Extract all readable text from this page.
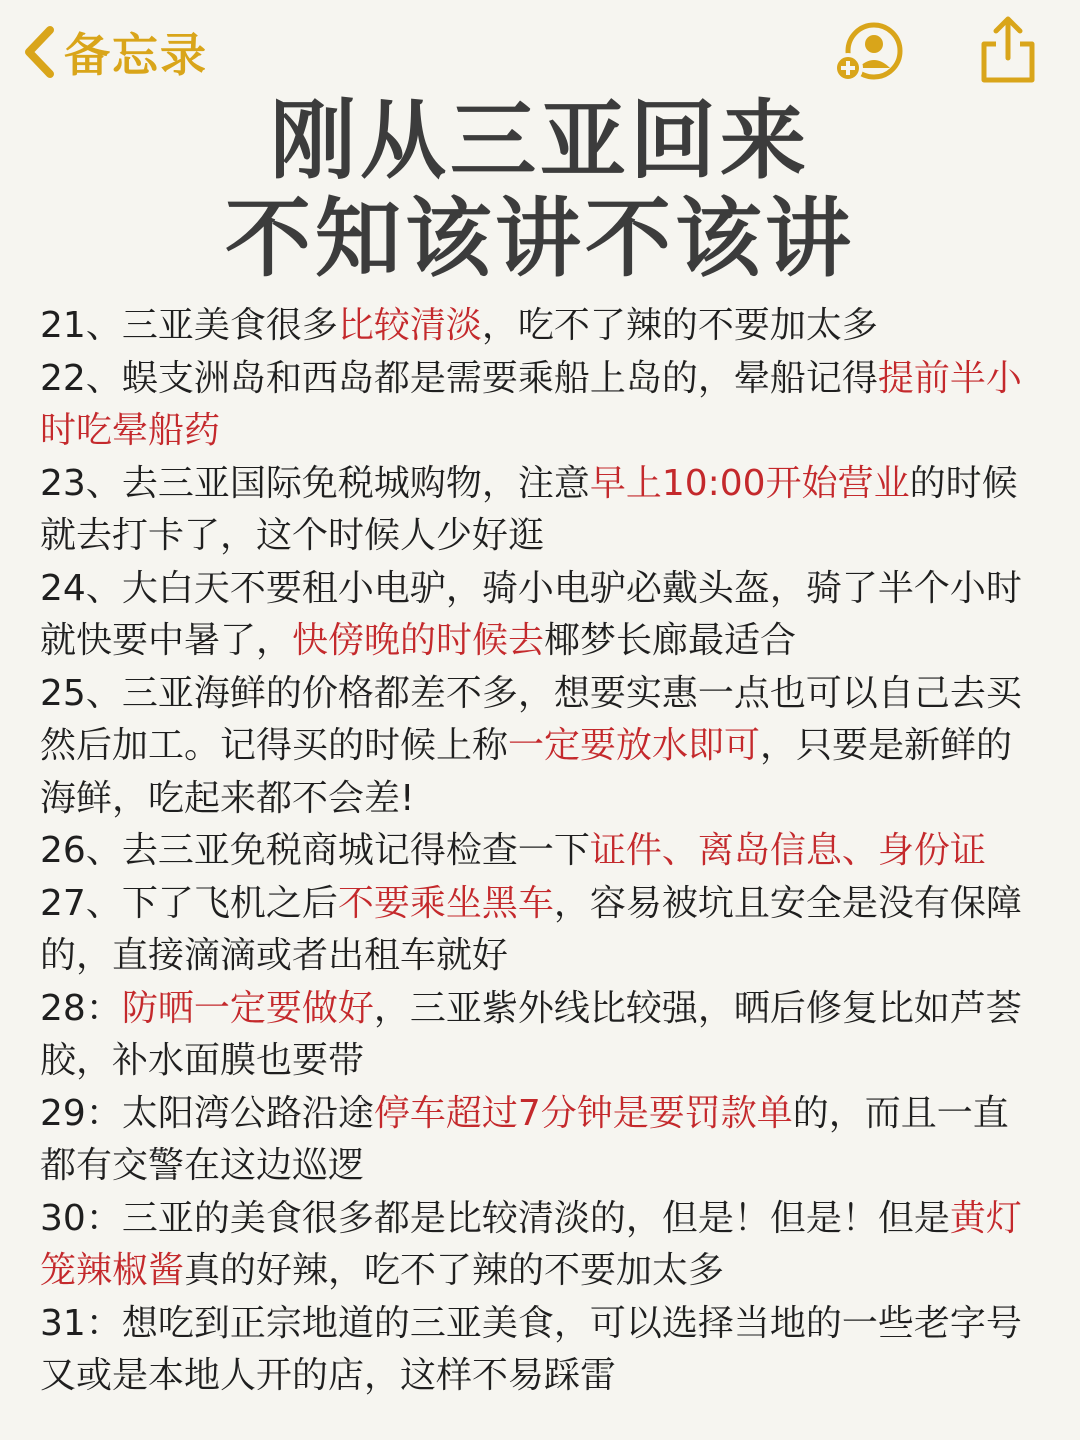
备忘录
刚从三亚回来
不知该讲不该讲

21、三亚美食很多比较清淡，吃不了辣的不要加太多

22、蜈支洲岛和西岛都是需要乘船上岛的，晕船记得提前半小时吃晕船药

23、去三亚国际免税城购物，注意早上10:00开始营业的时候就去打卡了，这个时候人少好逛

24、大白天不要租小电驴，骑小电驴必戴头盔，骑了半个小时就快要中暑了，快傍晚的时候去椰梦长廊最适合

25、三亚海鲜的价格都差不多，想要实惠一点也可以自己去买然后加工。记得买的时候上称一定要放水即可，只要是新鲜的海鲜，吃起来都不会差!

26、去三亚免税商城记得检查一下证件、离岛信息、身份证

27、下了飞机之后不要乘坐黑车，容易被坑且安全是没有保障的，直接滴滴或者出租车就好

28：防晒一定要做好，三亚紫外线比较强，晒后修复比如芦荟胶，补水面膜也要带

29：太阳湾公路沿途停车超过7分钟是要罚款单的，而且一直都有交警在这边巡逻

30：三亚的美食很多都是比较清淡的，但是！但是！但是黄灯笼辣椒酱真的好辣，吃不了辣的不要加太多

31：想吃到正宗地道的三亚美食，可以选择当地的一些老字号又或是本地人开的店，这样不易踩雷
